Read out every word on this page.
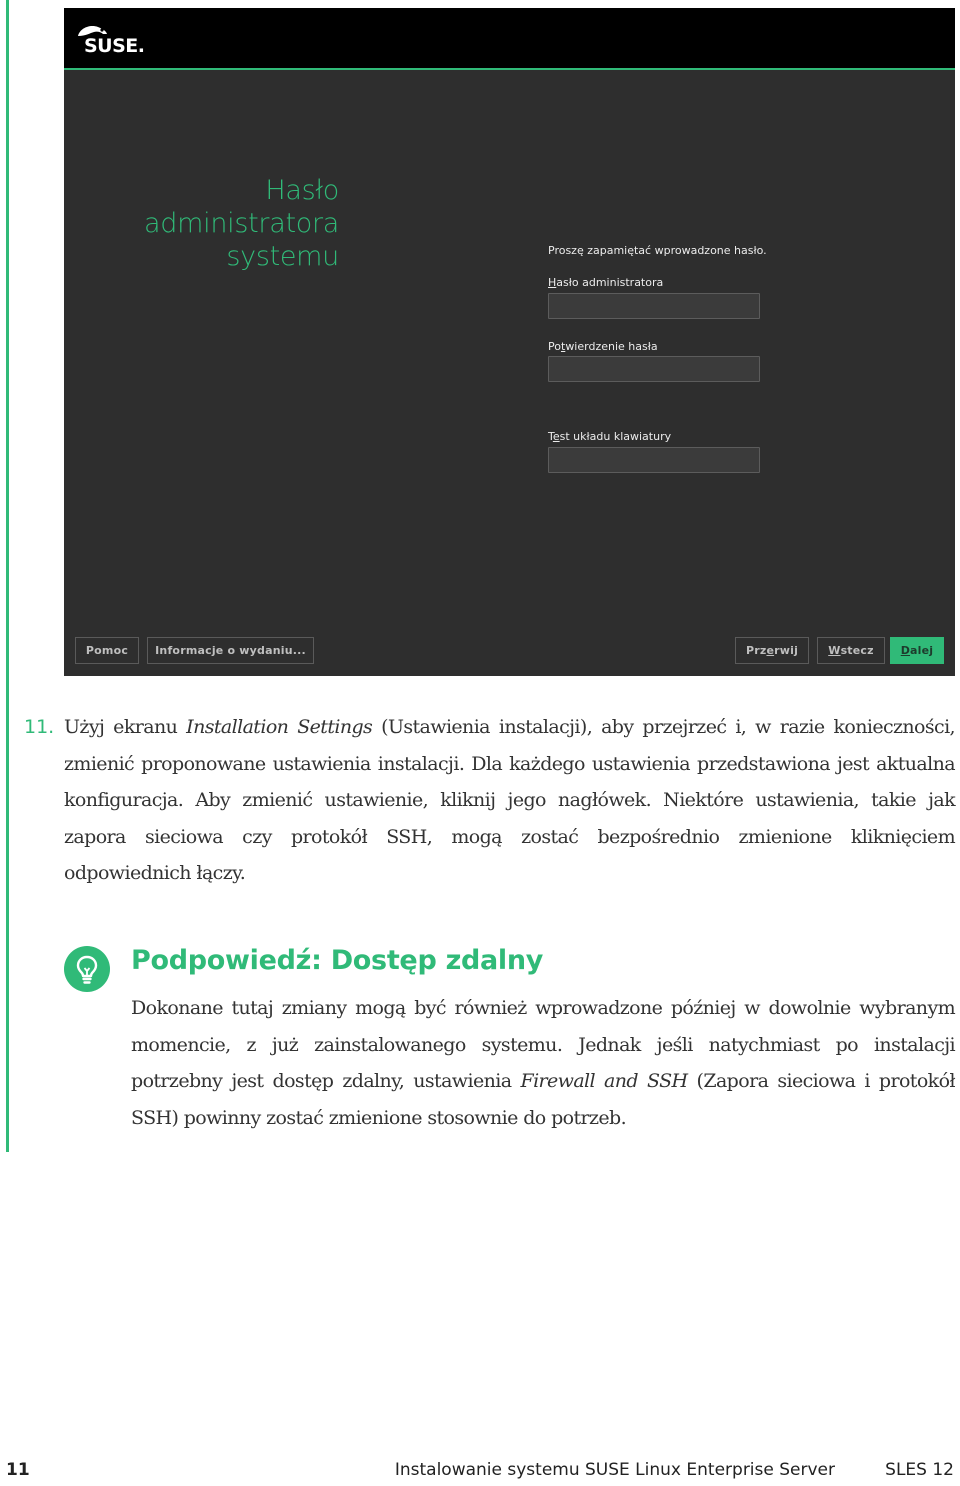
SUSE.
Hasło
administratora
systemu	Proszę zapamiętać wprowadzone hasło.
Hasło administratora
Potwierdzenie hasła
Test układu klawiatury
Pomoc	Informacje o wydaniu...	Przerwij	Wstecz	Dalej
11. Użyj ekranu Installation Settings (Ustawienia instalacji), aby przejrzeć i, w razie konieczności, zmienić proponowane ustawienia instalacji. Dla każdego ustawienia przedstawiona jest aktualna konfiguracja. Aby zmienić ustawienie, kliknij jego nagłówek. Niektóre ustawienia, takie jak zapora sieciowa czy protokół SSH, mogą zostać bezpośrednio zmienione kliknięciem odpowiednich łączy.
Podpowiedź: Dostęp zdalny
Dokonane tutaj zmiany mogą być również wprowadzone później w dowolnie wybranym momencie, z już zainstalowanego systemu. Jednak jeśli natychmiast po instalacji potrzebny jest dostęp zdalny, ustawienia Firewall and SSH (Zapora sieciowa i protokół SSH) powinny zostać zmienione stosownie do potrzeb.
11	Instalowanie systemu SUSE Linux Enterprise Server	SLES 12
